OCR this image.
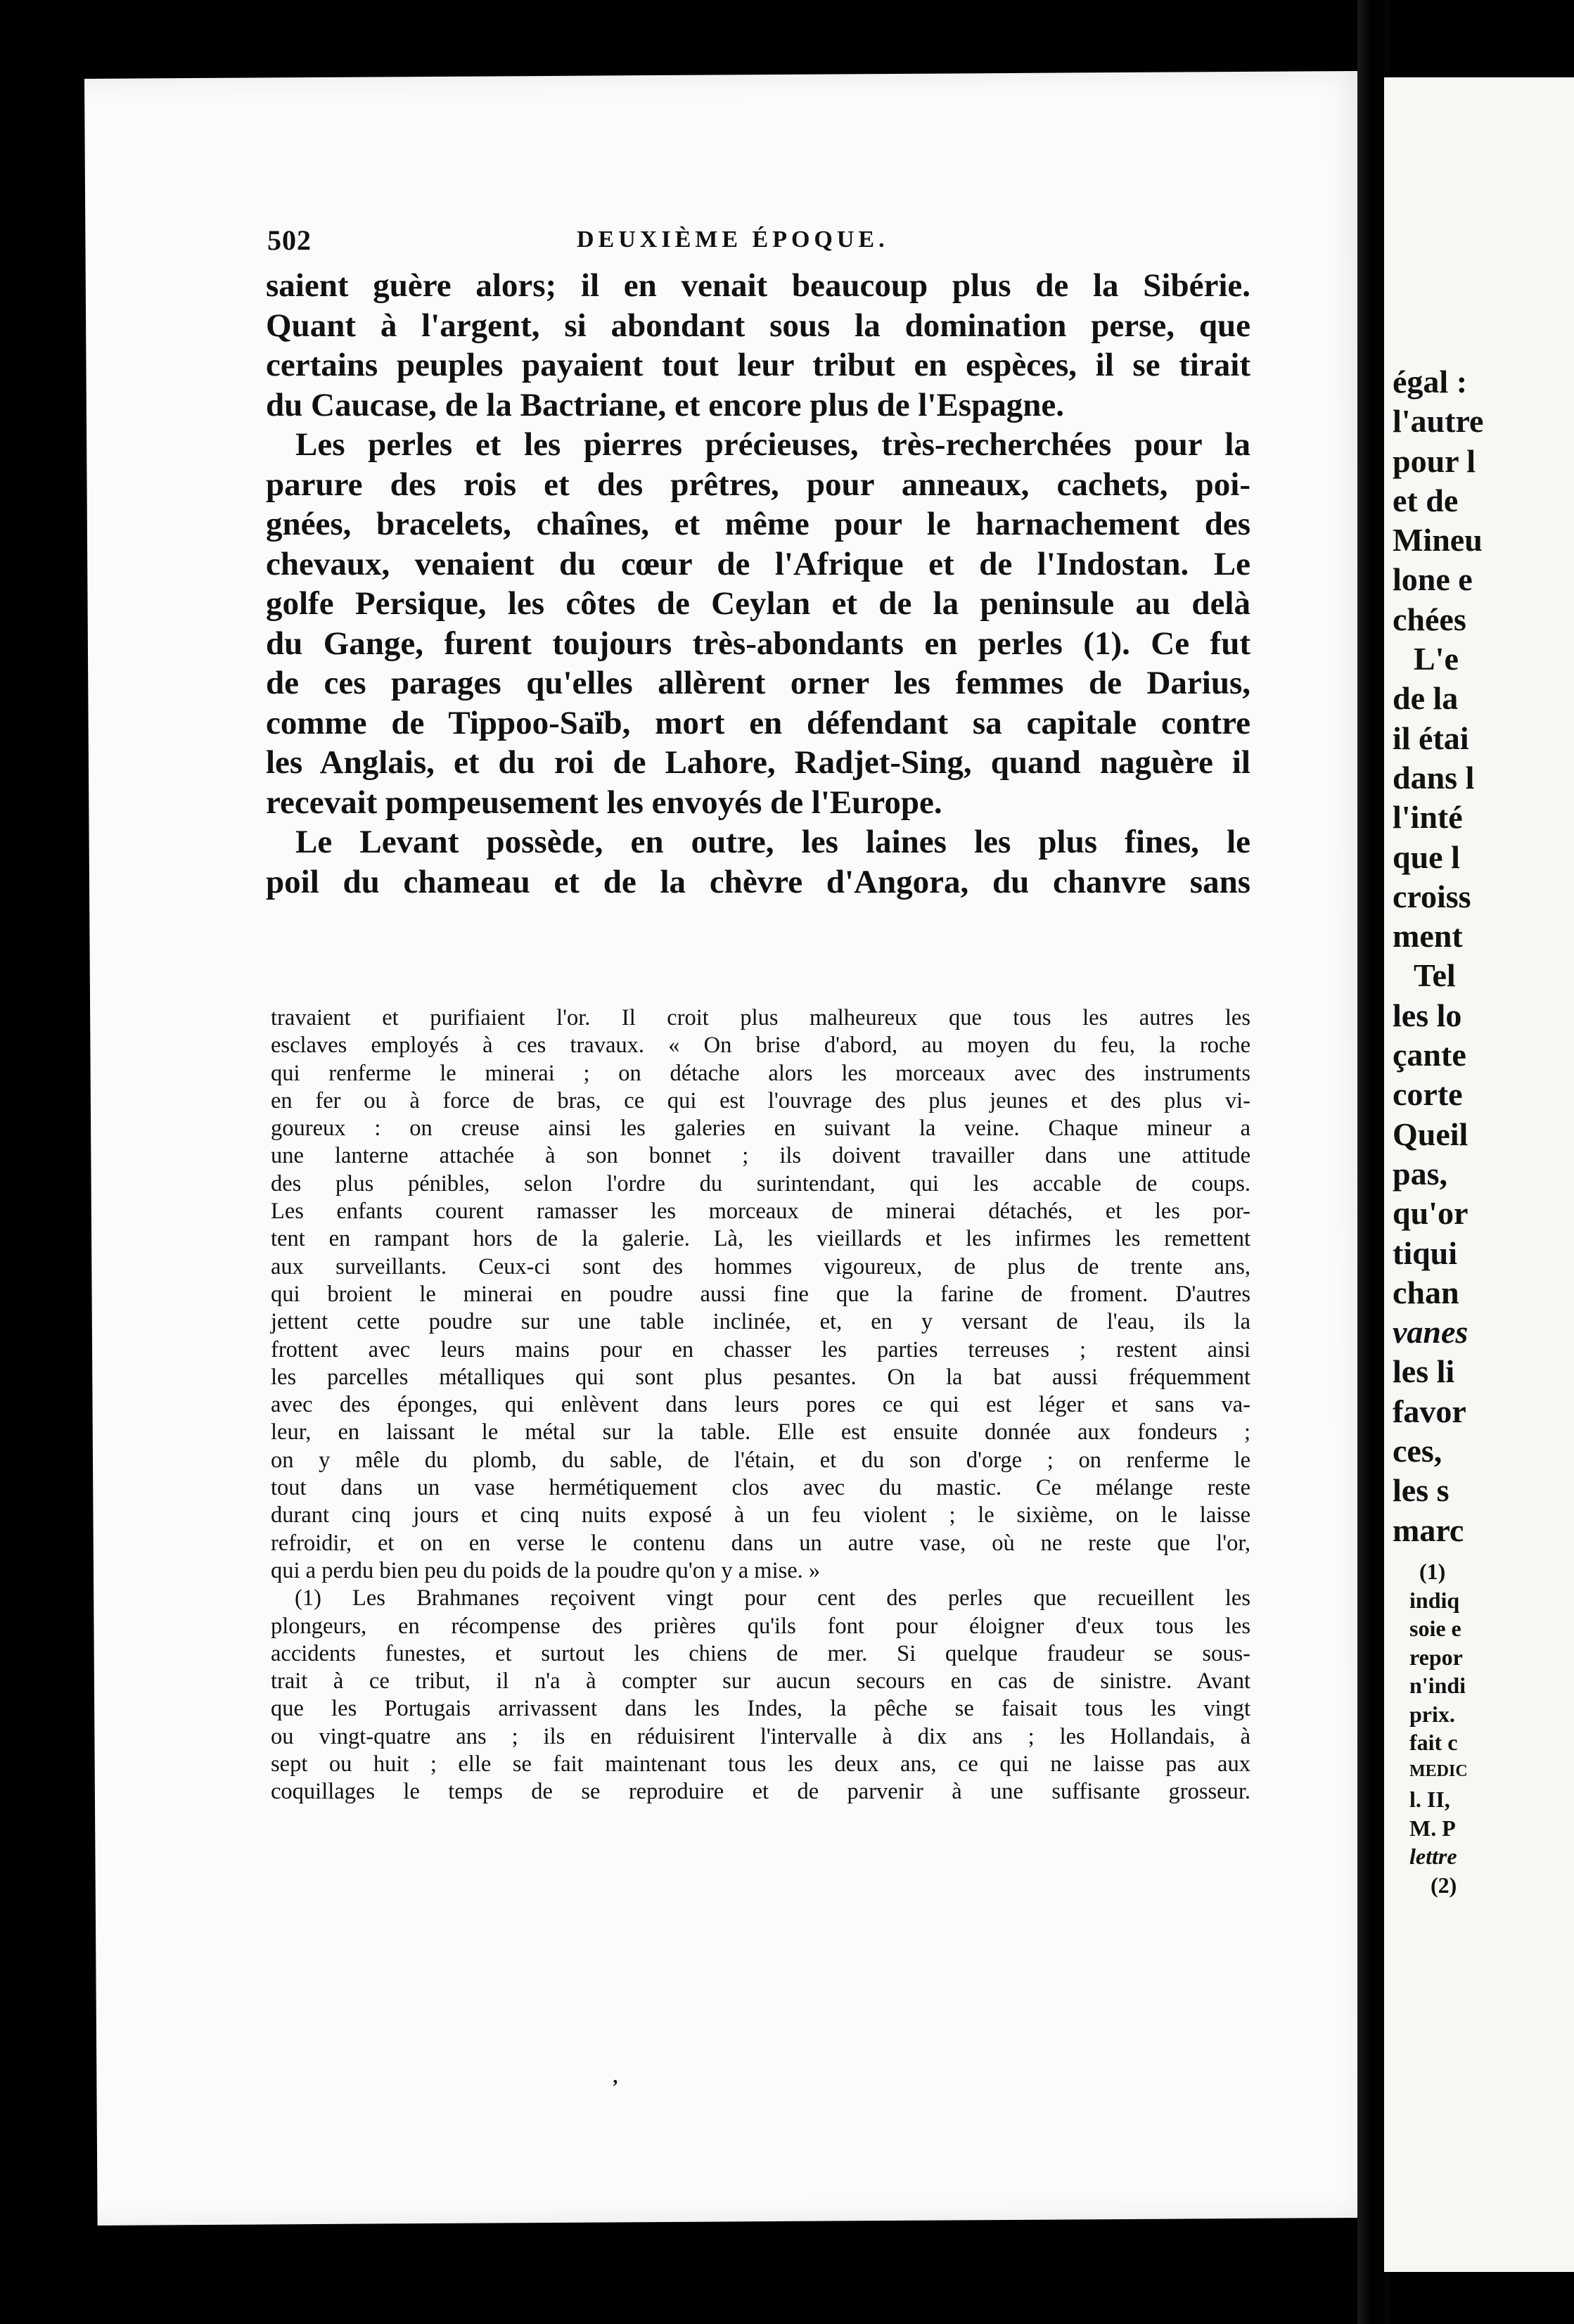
égal :
l'autre
pour l
et de
Mineu
lone e
chées
L'e
de la
il étai
dans l
l'inté
que l
croiss
ment
Tel
les lo
çante
corte
Queil
pas,
qu'or
tiqui
chan
vanes
les li
favor
ces,
les s
marc
(1)
indiq
soie e
repor
n'indi
prix.
fait c
MEDIC
l. II,
M. P
lettre
(2)
502	DEUXIÈME ÉPOQUE.
saient guère alors; il en venait beaucoup plus de la Sibérie.
Quant à l'argent, si abondant sous la domination perse, que
certains peuples payaient tout leur tribut en espèces, il se tirait
du Caucase, de la Bactriane, et encore plus de l'Espagne.
Les perles et les pierres précieuses, très-recherchées pour la
parure des rois et des prêtres, pour anneaux, cachets, poi-
gnées, bracelets, chaînes, et même pour le harnachement des
chevaux, venaient du cœur de l'Afrique et de l'Indostan. Le
golfe Persique, les côtes de Ceylan et de la peninsule au delà
du Gange, furent toujours très-abondants en perles (1). Ce fut
de ces parages qu'elles allèrent orner les femmes de Darius,
comme de Tippoo-Saïb, mort en défendant sa capitale contre
les Anglais, et du roi de Lahore, Radjet-Sing, quand naguère il
recevait pompeusement les envoyés de l'Europe.
Le Levant possède, en outre, les laines les plus fines, le
poil du chameau et de la chèvre d'Angora, du chanvre sans
travaient et purifiaient l'or. Il croit plus malheureux que tous les autres les
esclaves employés à ces travaux. « On brise d'abord, au moyen du feu, la roche
qui renferme le minerai ; on détache alors les morceaux avec des instruments
en fer ou à force de bras, ce qui est l'ouvrage des plus jeunes et des plus vi-
goureux : on creuse ainsi les galeries en suivant la veine. Chaque mineur a
une lanterne attachée à son bonnet ; ils doivent travailler dans une attitude
des plus pénibles, selon l'ordre du surintendant, qui les accable de coups.
Les enfants courent ramasser les morceaux de minerai détachés, et les por-
tent en rampant hors de la galerie. Là, les vieillards et les infirmes les remettent
aux surveillants. Ceux-ci sont des hommes vigoureux, de plus de trente ans,
qui broient le minerai en poudre aussi fine que la farine de froment. D'autres
jettent cette poudre sur une table inclinée, et, en y versant de l'eau, ils la
frottent avec leurs mains pour en chasser les parties terreuses ; restent ainsi
les parcelles métalliques qui sont plus pesantes. On la bat aussi fréquemment
avec des éponges, qui enlèvent dans leurs pores ce qui est léger et sans va-
leur, en laissant le métal sur la table. Elle est ensuite donnée aux fondeurs ;
on y mêle du plomb, du sable, de l'étain, et du son d'orge ; on renferme le
tout dans un vase hermétiquement clos avec du mastic. Ce mélange reste
durant cinq jours et cinq nuits exposé à un feu violent ; le sixième, on le laisse
refroidir, et on en verse le contenu dans un autre vase, où ne reste que l'or,
qui a perdu bien peu du poids de la poudre qu'on y a mise. »
(1) Les Brahmanes reçoivent vingt pour cent des perles que recueillent les
plongeurs, en récompense des prières qu'ils font pour éloigner d'eux tous les
accidents funestes, et surtout les chiens de mer. Si quelque fraudeur se sous-
trait à ce tribut, il n'a à compter sur aucun secours en cas de sinistre. Avant
que les Portugais arrivassent dans les Indes, la pêche se faisait tous les vingt
ou vingt-quatre ans ; ils en réduisirent l'intervalle à dix ans ; les Hollandais, à
sept ou huit ; elle se fait maintenant tous les deux ans, ce qui ne laisse pas aux
coquillages le temps de se reproduire et de parvenir à une suffisante grosseur.
’
